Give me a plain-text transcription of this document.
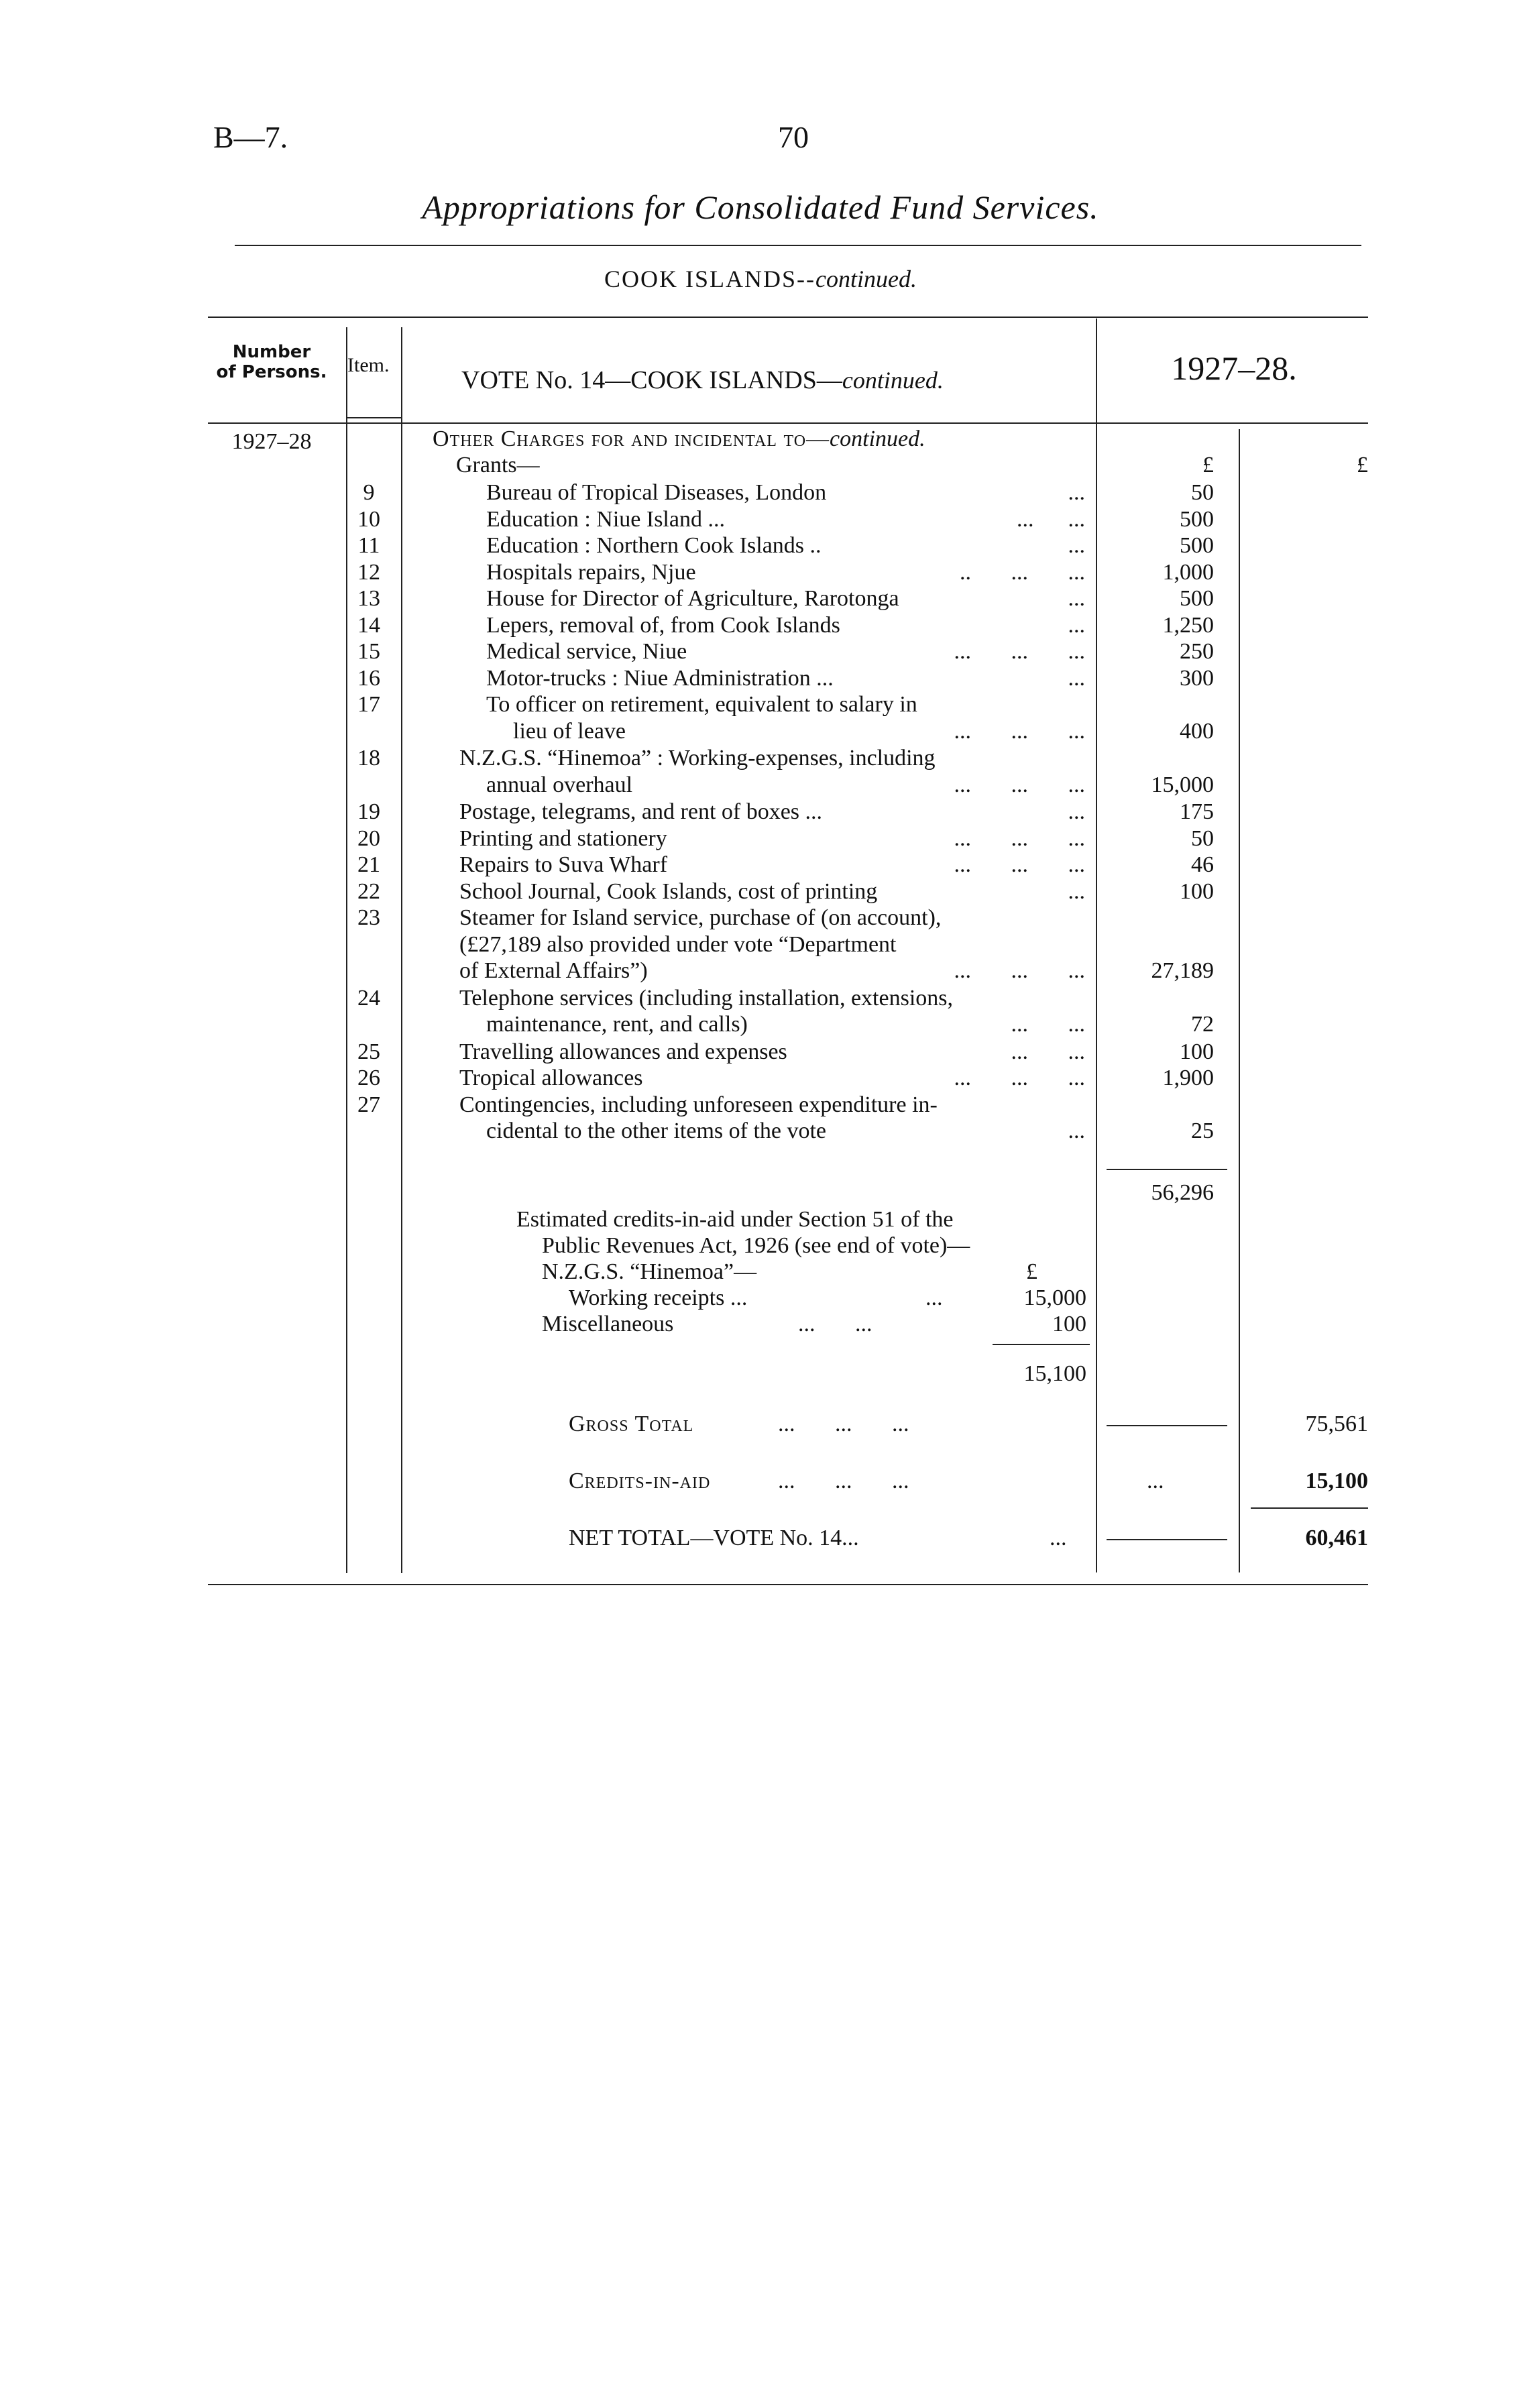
B—7.	70
Appropriations for Consolidated Fund Services.
COOK ISLANDS--continued.
Number
of Persons.	Item.
VOTE No. 14—COOK ISLANDS—continued.	1927–28.
1927–28	Other Charges for and incidental to—continued.
Grants—	£	£
9	Bureau of Tropical Diseases, London	...	50
10	Education : Niue Island ...	...      ...	500
11	Education : Northern Cook Islands ..	...	500
12	Hospitals repairs, Njue	..       ...       ...	1,000
13	House for Director of Agriculture, Rarotonga	...	500
14	Lepers, removal of, from Cook Islands	...	1,250
15	Medical service, Niue	...       ...       ...	250
16	Motor-trucks : Niue Administration ...	...	300
17	To officer on retirement, equivalent to salary in
lieu of leave	...       ...       ...	400
18	N.Z.G.S. “Hinemoa” : Working-expenses, including
annual overhaul	...       ...       ...	15,000
19	Postage, telegrams, and rent of boxes ...	...	175
20	Printing and stationery	...       ...       ...	50
21	Repairs to Suva Wharf	...       ...       ...	46
22	School Journal, Cook Islands, cost of printing	...	100
23	Steamer for Island service, purchase of (on account),
(£27,189 also provided under vote “Department
of External Affairs”)	...       ...       ...	27,189
24	Telephone services (including installation, extensions,
maintenance, rent, and calls)	...       ...	72
25	Travelling allowances and expenses	...       ...	100
26	Tropical allowances	...       ...       ...	1,900
27	Contingencies, including unforeseen expenditure in-
cidental to the other items of the vote	...	25
56,296
Estimated credits-in-aid under Section 51 of the
Public Revenues Act, 1926 (see end of vote)—
N.Z.G.S. “Hinemoa”—	£
Working receipts ...	...	15,000
Miscellaneous	...       ...	100
15,100
Gross Total	...       ...       ...	75,561
Credits-in-aid	...       ...       ...	...	15,100
NET TOTAL—VOTE No. 14...	...	60,461
